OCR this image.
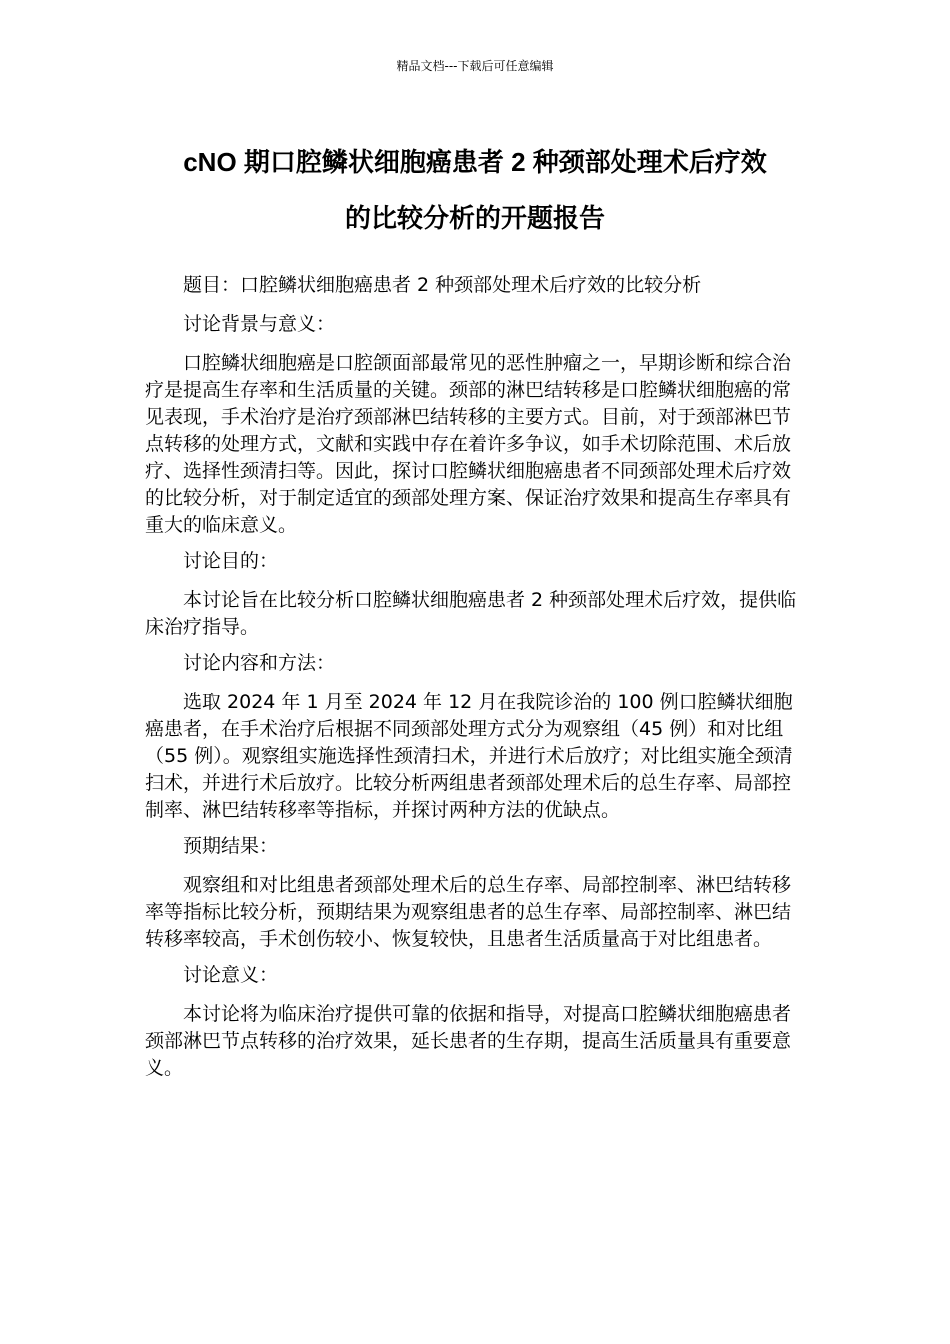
精品文档---下载后可任意编辑
cNO 期口腔鳞状细胞癌患者 2 种颈部处理术后疗效
的比较分析的开题报告

题目：口腔鳞状细胞癌患者 2 种颈部处理术后疗效的比较分析

讨论背景与意义：

口腔鳞状细胞癌是口腔颌面部最常见的恶性肿瘤之一，早期诊断和综合治疗是提高生存率和生活质量的关键。颈部的淋巴结转移是口腔鳞状细胞癌的常见表现，手术治疗是治疗颈部淋巴结转移的主要方式。目前，对于颈部淋巴节点转移的处理方式，文献和实践中存在着许多争议，如手术切除范围、术后放疗、选择性颈清扫等。因此，探讨口腔鳞状细胞癌患者不同颈部处理术后疗效的比较分析，对于制定适宜的颈部处理方案、保证治疗效果和提高生存率具有重大的临床意义。

讨论目的：

本讨论旨在比较分析口腔鳞状细胞癌患者 2 种颈部处理术后疗效，提供临床治疗指导。

讨论内容和方法：

选取 2024 年 1 月至 2024 年 12 月在我院诊治的 100 例口腔鳞状细胞癌患者，在手术治疗后根据不同颈部处理方式分为观察组（45 例）和对比组（55 例）。观察组实施选择性颈清扫术，并进行术后放疗；对比组实施全颈清扫术，并进行术后放疗。比较分析两组患者颈部处理术后的总生存率、局部控制率、淋巴结转移率等指标，并探讨两种方法的优缺点。

预期结果：

观察组和对比组患者颈部处理术后的总生存率、局部控制率、淋巴结转移率等指标比较分析，预期结果为观察组患者的总生存率、局部控制率、淋巴结转移率较高，手术创伤较小、恢复较快，且患者生活质量高于对比组患者。

讨论意义：

本讨论将为临床治疗提供可靠的依据和指导，对提高口腔鳞状细胞癌患者颈部淋巴节点转移的治疗效果，延长患者的生存期，提高生活质量具有重要意义。
